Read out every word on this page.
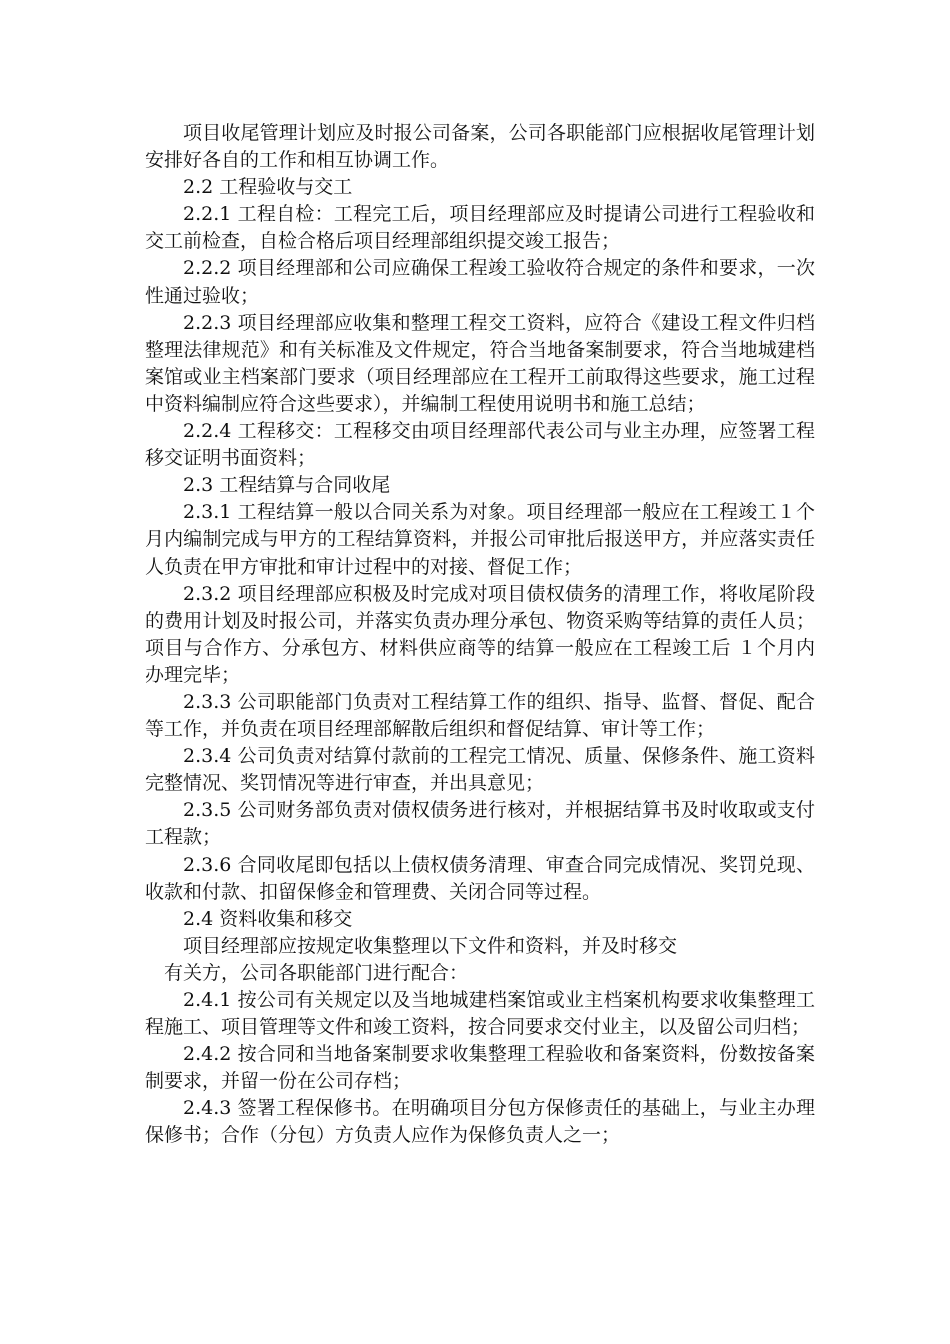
项目收尾管理计划应及时报公司备案，公司各职能部门应根据收尾管理计划安排好各自的工作和相互协调工作。

2.2 工程验收与交工

2.2.1 工程自检：工程完工后，项目经理部应及时提请公司进行工程验收和交工前检查，自检合格后项目经理部组织提交竣工报告；

2.2.2 项目经理部和公司应确保工程竣工验收符合规定的条件和要求，一次性通过验收；

2.2.3 项目经理部应收集和整理工程交工资料，应符合《建设工程文件归档整理法律规范》和有关标准及文件规定，符合当地备案制要求，符合当地城建档案馆或业主档案部门要求（项目经理部应在工程开工前取得这些要求，施工过程中资料编制应符合这些要求），并编制工程使用说明书和施工总结；

2.2.4 工程移交：工程移交由项目经理部代表公司与业主办理，应签署工程移交证明书面资料；

2.3 工程结算与合同收尾

2.3.1 工程结算一般以合同关系为对象。项目经理部一般应在工程竣工１个月内编制完成与甲方的工程结算资料，并报公司审批后报送甲方，并应落实责任人负责在甲方审批和审计过程中的对接、督促工作；

2.3.2 项目经理部应积极及时完成对项目债权债务的清理工作，将收尾阶段的费用计划及时报公司，并落实负责办理分承包、物资采购等结算的责任人员；项目与合作方、分承包方、材料供应商等的结算一般应在工程竣工后 １个月内办理完毕；

2.3.3 公司职能部门负责对工程结算工作的组织、指导、监督、督促、配合等工作，并负责在项目经理部解散后组织和督促结算、审计等工作；

2.3.4 公司负责对结算付款前的工程完工情况、质量、保修条件、施工资料完整情况、奖罚情况等进行审查，并出具意见；

2.3.5 公司财务部负责对债权债务进行核对，并根据结算书及时收取或支付工程款；

2.3.6 合同收尾即包括以上债权债务清理、审查合同完成情况、奖罚兑现、收款和付款、扣留保修金和管理费、关闭合同等过程。

2.4 资料收集和移交

项目经理部应按规定收集整理以下文件和资料，并及时移交

有关方，公司各职能部门进行配合：

2.4.1 按公司有关规定以及当地城建档案馆或业主档案机构要求收集整理工程施工、项目管理等文件和竣工资料，按合同要求交付业主，以及留公司归档；

2.4.2 按合同和当地备案制要求收集整理工程验收和备案资料，份数按备案制要求，并留一份在公司存档；

2.4.3 签署工程保修书。在明确项目分包方保修责任的基础上，与业主办理保修书；合作（分包）方负责人应作为保修负责人之一；
